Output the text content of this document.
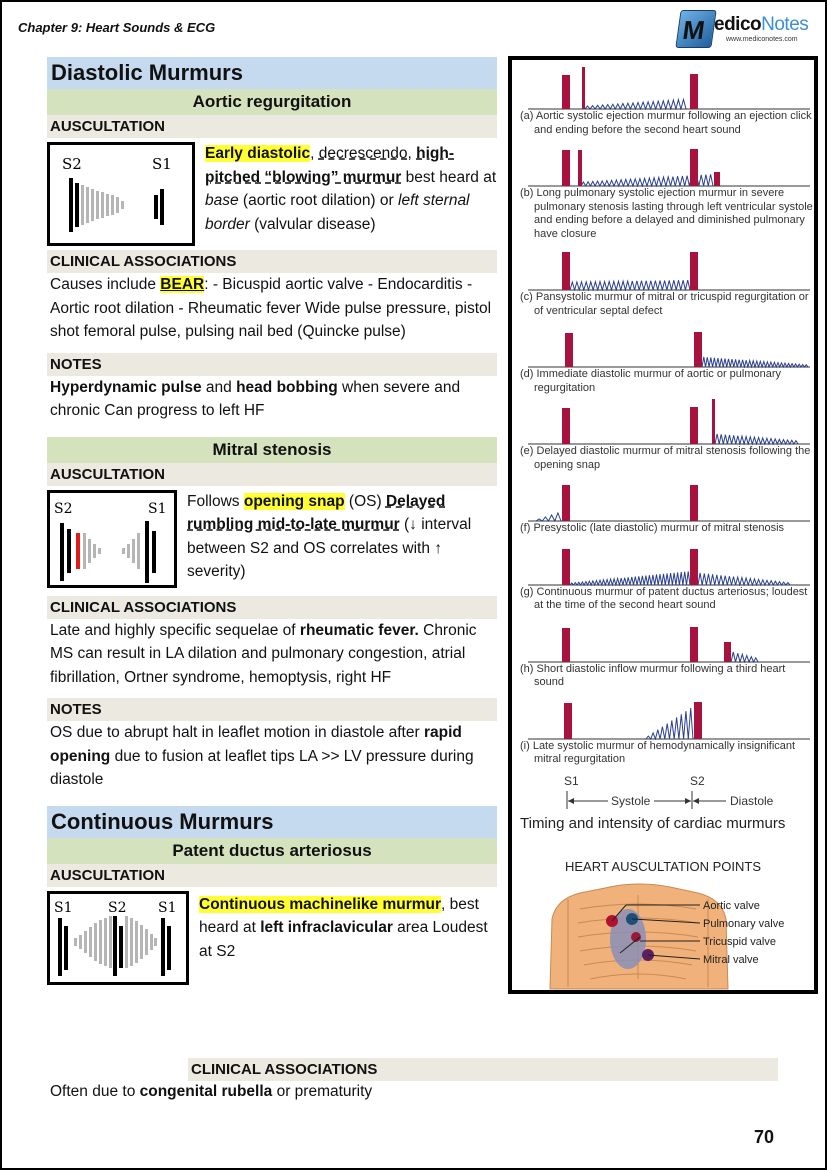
Chapter 9: Heart Sounds & ECG	M edicoNotes
www.mediconotes.com
Diastolic Murmurs
Aortic regurgitation
AUSCULTATION
S2	S1
Early diastolic, decrescendo, high-pitched “blowing” murmur best heard at base (aortic root dilation) or left sternal border (valvular disease)
CLINICAL ASSOCIATIONS
Causes include BEAR: - Bicuspid aortic valve - Endocarditis - Aortic root dilation - Rheumatic fever Wide pulse pressure, pistol shot femoral pulse, pulsing nail bed (Quincke pulse)
NOTES
Hyperdynamic pulse and head bobbing when severe and chronic Can progress to left HF
Mitral stenosis
AUSCULTATION
S2	S1	Follows opening snap (OS) Delayed rumbling mid-to-late murmur (↓ interval between S2 and OS correlates with ↑ severity)
CLINICAL ASSOCIATIONS
Late and highly specific sequelae of rheumatic fever. Chronic MS can result in LA dilation and pulmonary congestion, atrial fibrillation, Ortner syndrome, hemoptysis, right HF
NOTES
OS due to abrupt halt in leaflet motion in diastole after rapid opening due to fusion at leaflet tips LA >> LV pressure during diastole
Continuous Murmurs
Patent ductus arteriosus
AUSCULTATION
S1	S2 S1	Continuous machinelike murmur, best heard at left infraclavicular area Loudest at S2
CLINICAL ASSOCIATIONS
Often due to congenital rubella or prematurity
(a) Aortic systolic ejection murmur following an ejection click and ending before the second heart sound
(b) Long pulmonary systolic ejection murmur in severe pulmonary stenosis lasting through left ventricular systole and ending before a delayed and diminished pulmonary have closure
(c) Pansystolic murmur of mitral or tricuspid regurgitation or of ventricular septal defect
(d) Immediate diastolic murmur of aortic or pulmonary regurgitation
(e) Delayed diastolic murmur of mitral stenosis following the opening snap
(f) Presystolic (late diastolic) murmur of mitral stenosis
(g) Continuous murmur of patent ductus arteriosus; loudest at the time of the second heart sound
(h) Short diastolic inflow murmur following a third heart sound
(i) Late systolic murmur of hemodynamically insignificant mitral regurgitation
S1	S2
Systole	Diastole
Timing and intensity of cardiac murmurs
HEART AUSCULTATION POINTS
Aortic valve
Pulmonary valve
Tricuspid valve
Mitral valve
70
